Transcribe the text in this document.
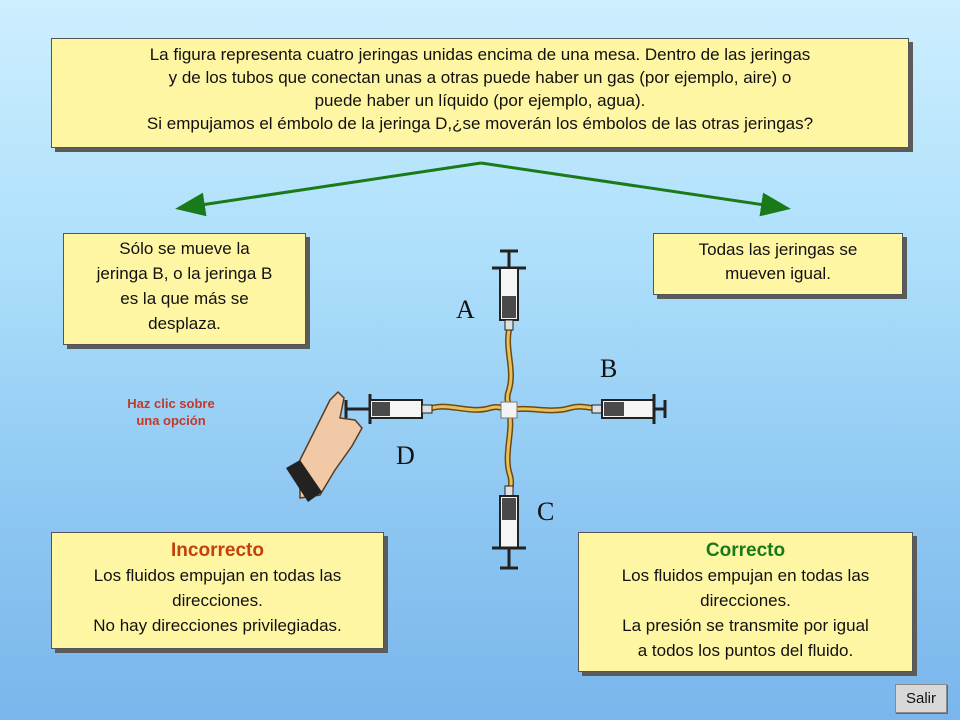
A
B
C
D
La figura representa cuatro jeringas unidas encima de una mesa. Dentro de las jeringas
y de los tubos que conectan unas a otras puede haber un gas (por ejemplo, aire) o
puede haber un líquido (por ejemplo, agua).
Si empujamos el émbolo de la jeringa D,¿se moverán los émbolos de las otras jeringas?
Sólo se mueve la
jeringa B, o la jeringa B
es la que más se
desplaza.
Todas las jeringas se
mueven igual.
Haz clic sobre
una opción
Incorrecto
Los fluidos empujan en todas las
direcciones.
No hay direcciones privilegiadas.
Correcto
Los fluidos empujan en todas las
direcciones.
La presión se transmite por igual
a todos los puntos del fluido.
Salir
